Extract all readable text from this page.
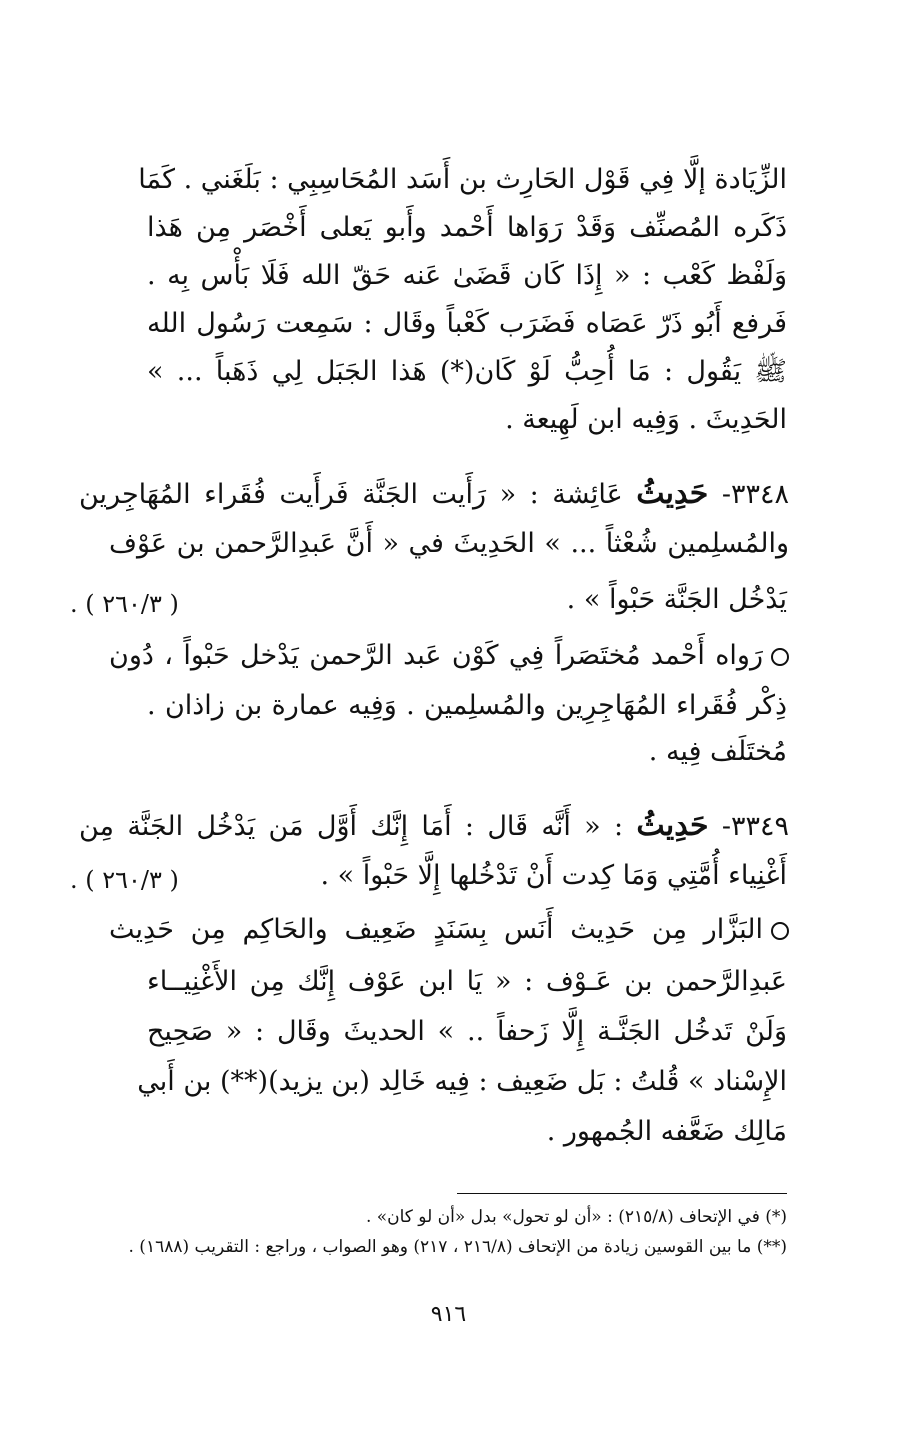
الزِّيَادة إلَّا فِي قَوْل الحَارِث بن أَسَد المُحَاسِبِي : بَلَغَني . كَمَا
ذَكَره المُصنِّف وَقَدْ رَوَاها أَحْمد وأَبو يَعلى أَخْصَر مِن هَذا
وَلَفْظ كَعْب : « إِذَا كَان قَضَىٰ عَنه حَقّ الله فَلَا بَأْس بِه .
فَرفع أَبُو ذَرّ عَصَاه فَضَرَب كَعْباً وقَال : سَمِعت رَسُول الله
ﷺ يَقُول : مَا أُحِبُّ لَوْ كَان(*) هَذا الجَبَل لِي ذَهَباً ... »
الحَدِيثَ . وَفِيه ابن لَهِيعة .
٣٣٤٨- حَدِيثُ عَائِشة : « رَأَيت الجَنَّة فَرأَيت فُقَراء المُهَاجِرين
والمُسلِمين شُعْثاً ... » الحَدِيثَ في « أَنَّ عَبدِالرَّحمن بن عَوْف
يَدْخُل الجَنَّة حَبْواً » .
( ٢٦٠/٣ ) .
رَواه أَحْمد مُختَصَراً فِي كَوْن عَبد الرَّحمن يَدْخل حَبْواً ، دُون
ذِكْر فُقَراء المُهَاجِرِين والمُسلِمين . وَفِيه عمارة بن زاذان .
مُختَلَف فِيه .
٣٣٤٩- حَدِيثُ : « أَنَّه قَال : أَمَا إِنَّك أَوَّل مَن يَدْخُل الجَنَّة مِن
أَغْنِياء أُمَّتِي وَمَا كِدت أَنْ تَدْخُلها إِلَّا حَبْواً » .
( ٢٦٠/٣ ) .
البَزَّار مِن حَدِيث أَنَس بِسَنَدٍ ضَعِيف والحَاكِم مِن حَدِيث
عَبدِالرَّحمن بن عَـوْف : « يَا ابن عَوْف إِنَّك مِن الأَغْنِيــاء
وَلَنْ تَدخُل الجَنَّـة إِلَّا زَحفاً .. » الحديثَ وقَال : « صَحِيح
الإِسْناد » قُلتُ : بَل ضَعِيف : فِيه خَالِد (بن يزيد)(**) بن أَبي
مَالِك ضَعَّفه الجُمهور .
(*) في الإتحاف (٢١٥/٨) : «أن لو تحول» بدل «أن لو كان» .
(**) ما بين القوسين زيادة من الإتحاف (٢١٦/٨ ، ٢١٧) وهو الصواب ، وراجع : التقريب (١٦٨٨) .
٩١٦
